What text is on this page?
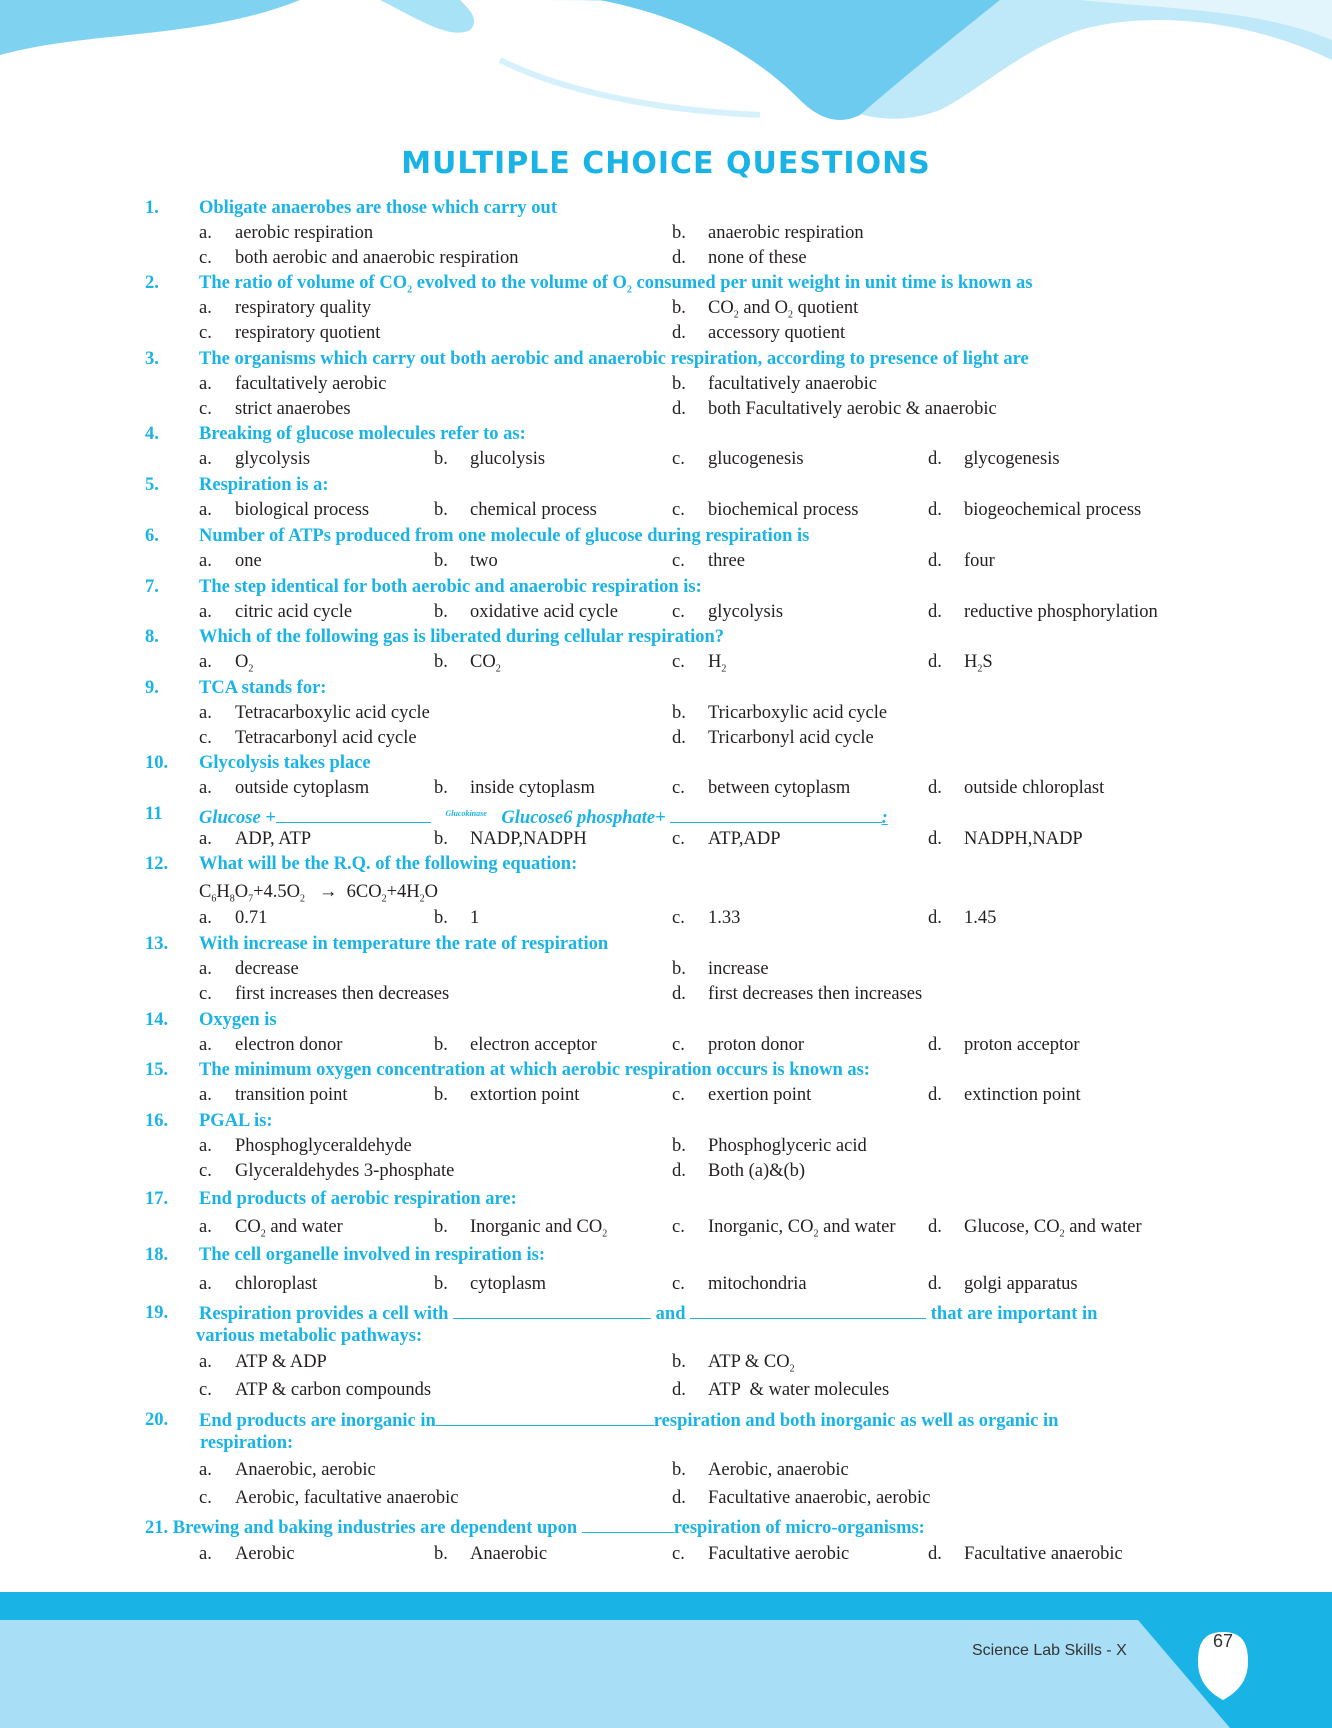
MULTIPLE CHOICE QUESTIONS
1. Obligate anaerobes are those which carry out
a. aerobic respiration	b. anaerobic respiration
c. both aerobic and anaerobic respiration	d. none of these
2. The ratio of volume of $CO_2$ evolved to the volume of $O_2$ consumed per unit weight in unit time is known as
a. respiratory quality	b. $CO_2$ and $O_2$ quotient
c. respiratory quotient	d. accessory quotient
3. The organisms which carry out both aerobic and anaerobic respiration, according to presence of light are
a. facultatively aerobic	b. facultatively anaerobic
c. strict anaerobes	d. both Facultatively aerobic & anaerobic
4. Breaking of glucose molecules refer to as:
a. glycolysis	b. glucolysis	c. glucogenesis	d. glycogenesis
5. Respiration is a:
a. biological process	b. chemical process	c. biochemical process	d. biogeochemical process
6. Number of ATPs produced from one molecule of glucose during respiration is
a. one	b. two	c. three	d. four
7. The step identical for both aerobic and anaerobic respiration is:
a. citric acid cycle	b. oxidative acid cycle	c. glycolysis	d. reductive phosphorylation
8. Which of the following gas is liberated during cellular respiration?
a. $O_2$	b. $CO_2$	c. $H_2$	d. $H_2S$
9. TCA stands for:
a. Tetracarboxylic acid cycle	b. Tricarboxylic acid cycle
c. Tetracarbonyl acid cycle	d. Tricarbonyl acid cycle
10. Glycolysis takes place
a. outside cytoplasm	b. inside cytoplasm	c. between cytoplasm	d. outside chloroplast
11 Glucose +	$^{Glucokinase}$ Glucose6 phosphate+	:
a. ADP, ATP	b. NADP,NADPH	c. ATP,ADP	d. NADPH,NADP
12. What will be the R.Q. of the following equation:
$C_6H_8O_7+4.5O_2 \to 6CO_2+4H_2O$
a. 0.71	b. 1	c. 1.33	d. 1.45
13. With increase in temperature the rate of respiration
a. decrease	b. increase
c. first increases then decreases	d. first decreases then increases
14. Oxygen is
a. electron donor	b. electron acceptor	c. proton donor	d. proton acceptor
15. The minimum oxygen concentration at which aerobic respiration occurs is known as:
a. transition point	b. extortion point	c. exertion point	d. extinction point
16. PGAL is:
a. Phosphoglyceraldehyde	b. Phosphoglyceric acid
c. Glyceraldehydes 3-phosphate	d. Both (a)&(b)
17. End products of aerobic respiration are:
a. $CO_2$ and water	b. Inorganic and $CO_2$	c. Inorganic, $CO_2$ and water d. Glucose, $CO_2$ and water
18. The cell organelle involved in respiration is:
a. chloroplast	b. cytoplasm	c. mitochondria	d. golgi apparatus
19. Respiration provides a cell with	and	that are important in
various metabolic pathways:
a. ATP & ADP	b. ATP & $CO_2$
c. ATP & carbon compounds	d. ATP  & water molecules
20. End products are inorganic in	respiration and both inorganic as well as organic in
respiration:
a. Anaerobic, aerobic	b. Aerobic, anaerobic
c. Aerobic, facultative anaerobic	d. Facultative anaerobic, aerobic
21. Brewing and baking industries are dependent upon	respiration of micro-organisms:
a. Aerobic	b. Anaerobic	c. Facultative aerobic	d. Facultative anaerobic
Science Lab Skills - X	67
